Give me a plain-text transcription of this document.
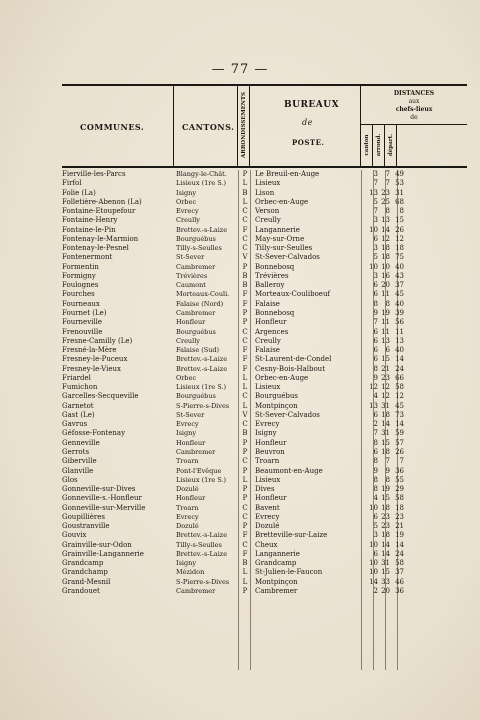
— 77 —
COMMUNES.	CANTONS. ARRONDISSEMENTS	BUREAUX
de
POSTE.
DISTANCES
aux
chefs-lieux
de
canton arrond. départ.
Fierville-les-Parcs	Blangy-le-Chât.	P	Le Breuil-en-Auge	3	7 49
Firfol	Lisieux (1re S.)	L	Lisieux	7	7 53
Folie (La)	Isigny	B	Lison	13 23 31
Folletière-Abenon (La)	Orbec	L	Orbec-en-Auge	5 25 68
Fontaine-Etoupefour	Evrecy	C	Verson	7	8	8
Fontaine-Henry	Creully	C	Creully	3 13 15
Fontaine-le-Pin	Brettev.-s-Laize	F	Langannerie	10 14 26
Fontenay-le-Marmion	Bourguébus	C	May-sur-Orne	6 12 12
Fontenay-le-Pesnel	Tilly-s-Seulles	C	Tilly-sur-Seulles	3 18 18
Fontenermont	St-Sever	V	St-Sever-Calvados	5 18 75
Formentin	Cambremer	P	Bonnebosq	10 10 40
Formigny	Trévières	B	Trévières	3 16 43
Foulognes	Caumont	B	Balleroy	6 20 37
Fourches	Morteaux-Couli.	F	Morteaux-Couliboeuf	6 11 45
Fourneaux	Falaise (Nord)	F	Falaise	8	8 40
Fournet (Le)	Cambremer	P	Bonnebosq	9 19 39
Fourneville	Honfleur	P	Honfleur	7 11 56
Frenouville	Bourguébus	C	Argences	6 11 11
Fresne-Camilly (Le)	Creully	C	Creully	6 13 13
Fresné-la-Mère	Falaise (Sud)	F	Falaise	6	6 40
Fresney-le-Puceux	Brettev.-s-Laize	F	St-Laurent-de-Condel	6 15 14
Fresney-le-Vieux	Brettev.-s-Laize	F	Cesny-Bois-Halbout	8 21 24
Friardel	Orbec	L	Orbec-en-Auge	9 23 66
Fumichon	Lisieux (1re S.)	L	Lisieux	12 12 58
Garcelles-Secqueville	Bourguébus	C	Bourguébus	4 12 12
Garnetot	S-Pierre-s-Dives	L	Montpinçon	13 31 45
Gast (Le)	St-Sever	V	St-Sever-Calvados	6 18 73
Gavrus	Evrecy	C	Evrecy	2 14 14
Géfosse-Fontenay	Isigny	B	Isigny	7 31 59
Genneville	Honfleur	P	Honfleur	8 15 57
Gerrots	Cambremer	P	Beuvron	6 18 26
Giberville	Troarn	C	Troarn	8	7	7
Glanville	Pont-l'Evêque	P	Beaumont-en-Auge	9	9 36
Glos	Lisieux (1re S.)	L	Lisieux	8	8 55
Gonneville-sur-Dives	Dozulé	P	Dives	8 19 29
Gonneville-s.-Honfleur	Honfleur	P	Honfleur	4 15 58
Gonneville-sur-Merville	Troarn	C	Bavent	10 18 18
Goupillières	Evrecy	C	Evrecy	6 23 23
Goustranville	Dozulé	P	Dozulé	5 23 21
Gouvix	Brettev.-s-Laize	F	Bretteville-sur-Laize	3 18 19
Grainville-sur-Odon	Tilly-s-Seulles	C	Cheux	10 14 14
Grainville-Langannerie	Brettev.-s-Laize	F	Langannerie	6 14 24
Grandcamp	Isigny	B	Grandcamp	10 31 58
Grandchamp	Mézidon	L	St-Julien-le-Faucon	10 15 37
Grand-Mesnil	S-Pierre-s-Dives	L	Montpinçon	14 33 46
Grandouet	Cambremer	P	Cambremer	2 20 36
